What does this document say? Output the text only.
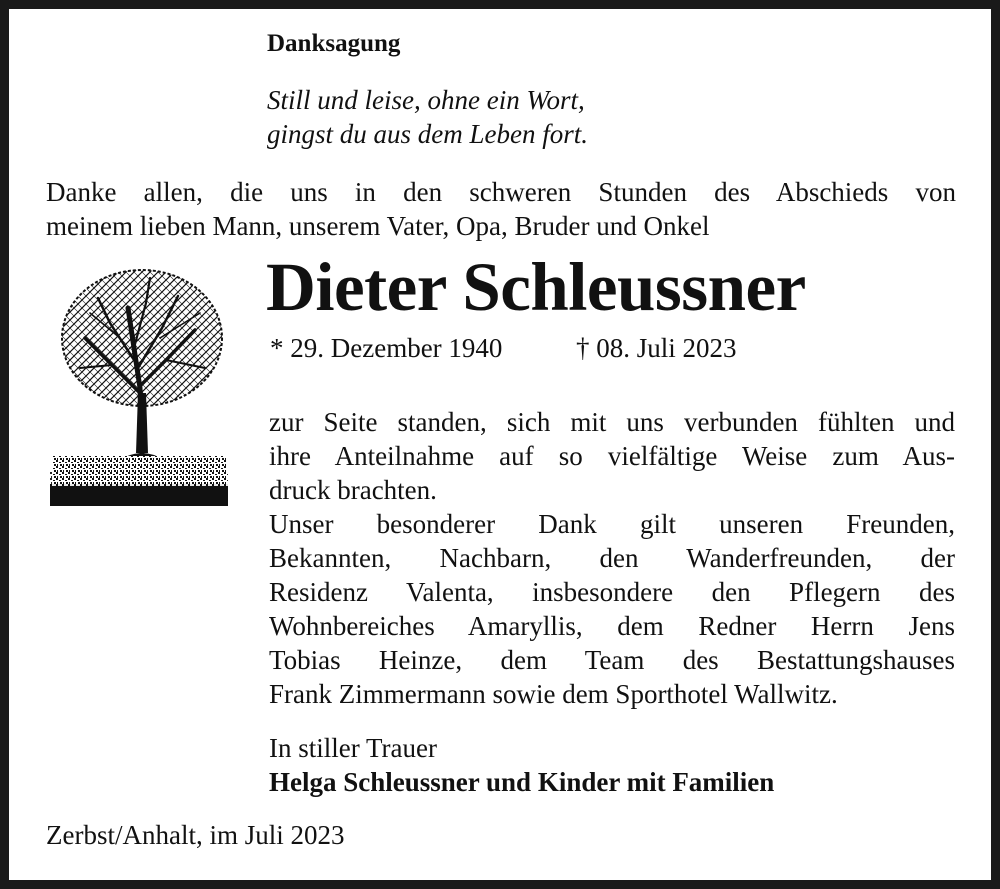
Danksagung
Still und leise, ohne ein Wort,
gingst du aus dem Leben fort.
Danke allen, die uns in den schweren Stunden des Abschieds von
meinem lieben Mann, unserem Vater, Opa, Bruder und Onkel
Dieter Schleussner
* 29. Dezember 1940	† 08. Juli 2023
zur Seite standen, sich mit uns verbunden fühlten und
ihre Anteilnahme auf so vielfältige Weise zum Aus-
druck brachten.
Unser besonderer Dank gilt unseren Freunden,
Bekannten, Nachbarn, den Wanderfreunden, der
Residenz Valenta, insbesondere den Pflegern des
Wohnbereiches Amaryllis, dem Redner Herrn Jens
Tobias Heinze, dem Team des Bestattungshauses
Frank Zimmermann sowie dem Sporthotel Wallwitz.
In stiller Trauer
Helga Schleussner und Kinder mit Familien
Zerbst/Anhalt, im Juli 2023
